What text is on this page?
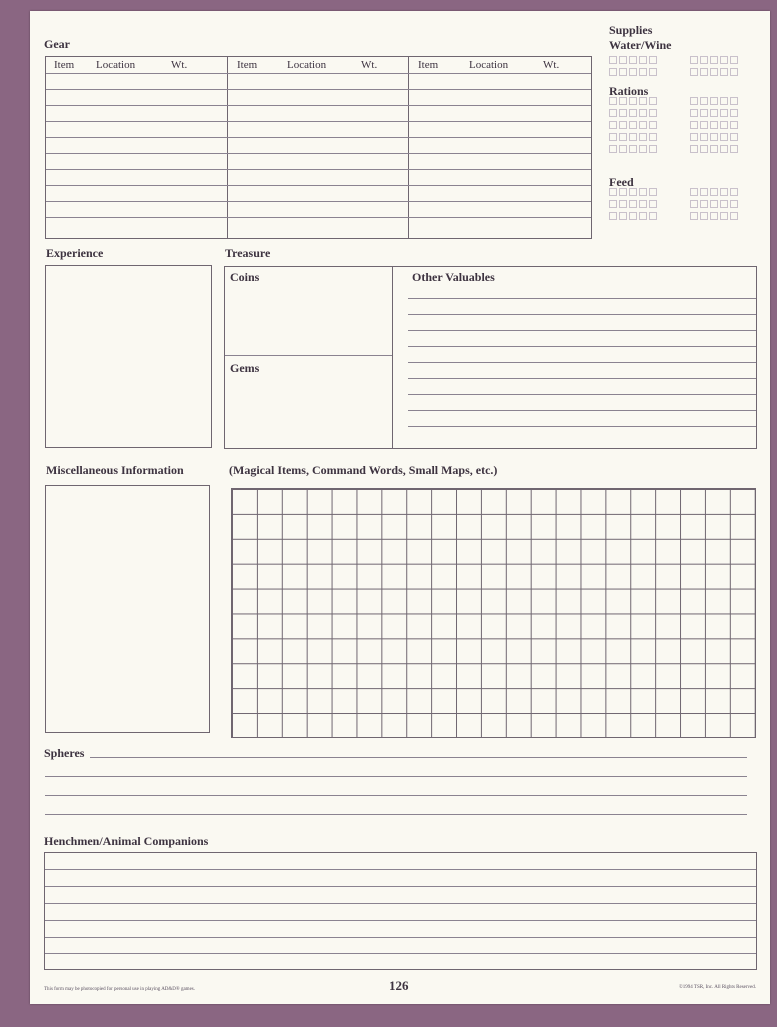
Gear
Item Location	Wt.	Item	Location	Wt.	Item	Location	Wt.
Supplies
Water/Wine
Rations
Feed
Experience	Treasure
Coins
Gems
Other Valuables
Miscellaneous Information	(Magical Items, Command Words, Small Maps, etc.)
Spheres
Henchmen/Animal Companions
This form may be photocopied for personal use in playing AD&D® games.	126	©1994 TSR, Inc. All Rights Reserved.
